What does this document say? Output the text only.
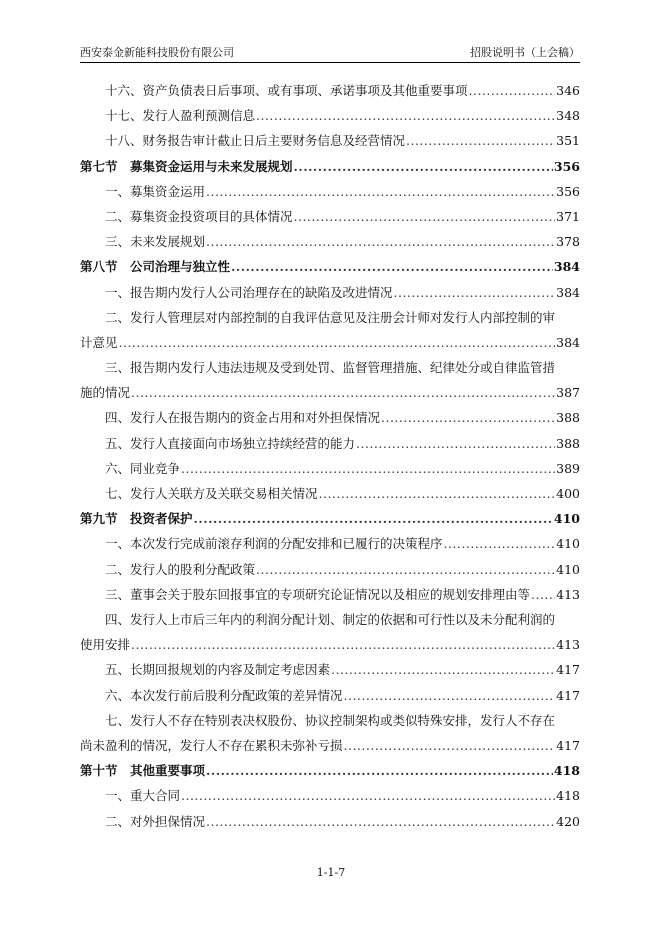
西安泰金新能科技股份有限公司	招股说明书（上会稿）
十六、资产负债表日后事项、或有事项、承诺事项及其他重要事项 .....	346
十七、发行人盈利预测信息 .....	348
十八、财务报告审计截止日后主要财务信息及经营情况 .....	351
第七节　募集资金运用与未来发展规划 .....	356
一、募集资金运用 .....	356
二、募集资金投资项目的具体情况 .....	371
三、未来发展规划 .....	378
第八节　公司治理与独立性 .....	384
一、报告期内发行人公司治理存在的缺陷及改进情况 .....	384
二、发行人管理层对内部控制的自我评估意见及注册会计师对发行人内部控制的审
计意见 .....	384
三、报告期内发行人违法违规及受到处罚、监督管理措施、纪律处分或自律监管措
施的情况 .....	387
四、发行人在报告期内的资金占用和对外担保情况 .....	388
五、发行人直接面向市场独立持续经营的能力 .....	388
六、同业竞争 .....	389
七、发行人关联方及关联交易相关情况 .....	400
第九节　投资者保护 .....	410
一、本次发行完成前滚存利润的分配安排和已履行的决策程序 .....	410
二、发行人的股利分配政策 .....	410
三、董事会关于股东回报事宜的专项研究论证情况以及相应的规划安排理由等 ..... 413
四、发行人上市后三年内的利润分配计划、制定的依据和可行性以及未分配利润的
使用安排 .....	413
五、长期回报规划的内容及制定考虑因素 .....	417
六、本次发行前后股利分配政策的差异情况 .....	417
七、发行人不存在特别表决权股份、协议控制架构或类似特殊安排，发行人不存在
尚未盈利的情况，发行人不存在累积未弥补亏损 .....	417
第十节　其他重要事项 .....	418
一、重大合同 .....	418
二、对外担保情况 .....	420
1-1-7
